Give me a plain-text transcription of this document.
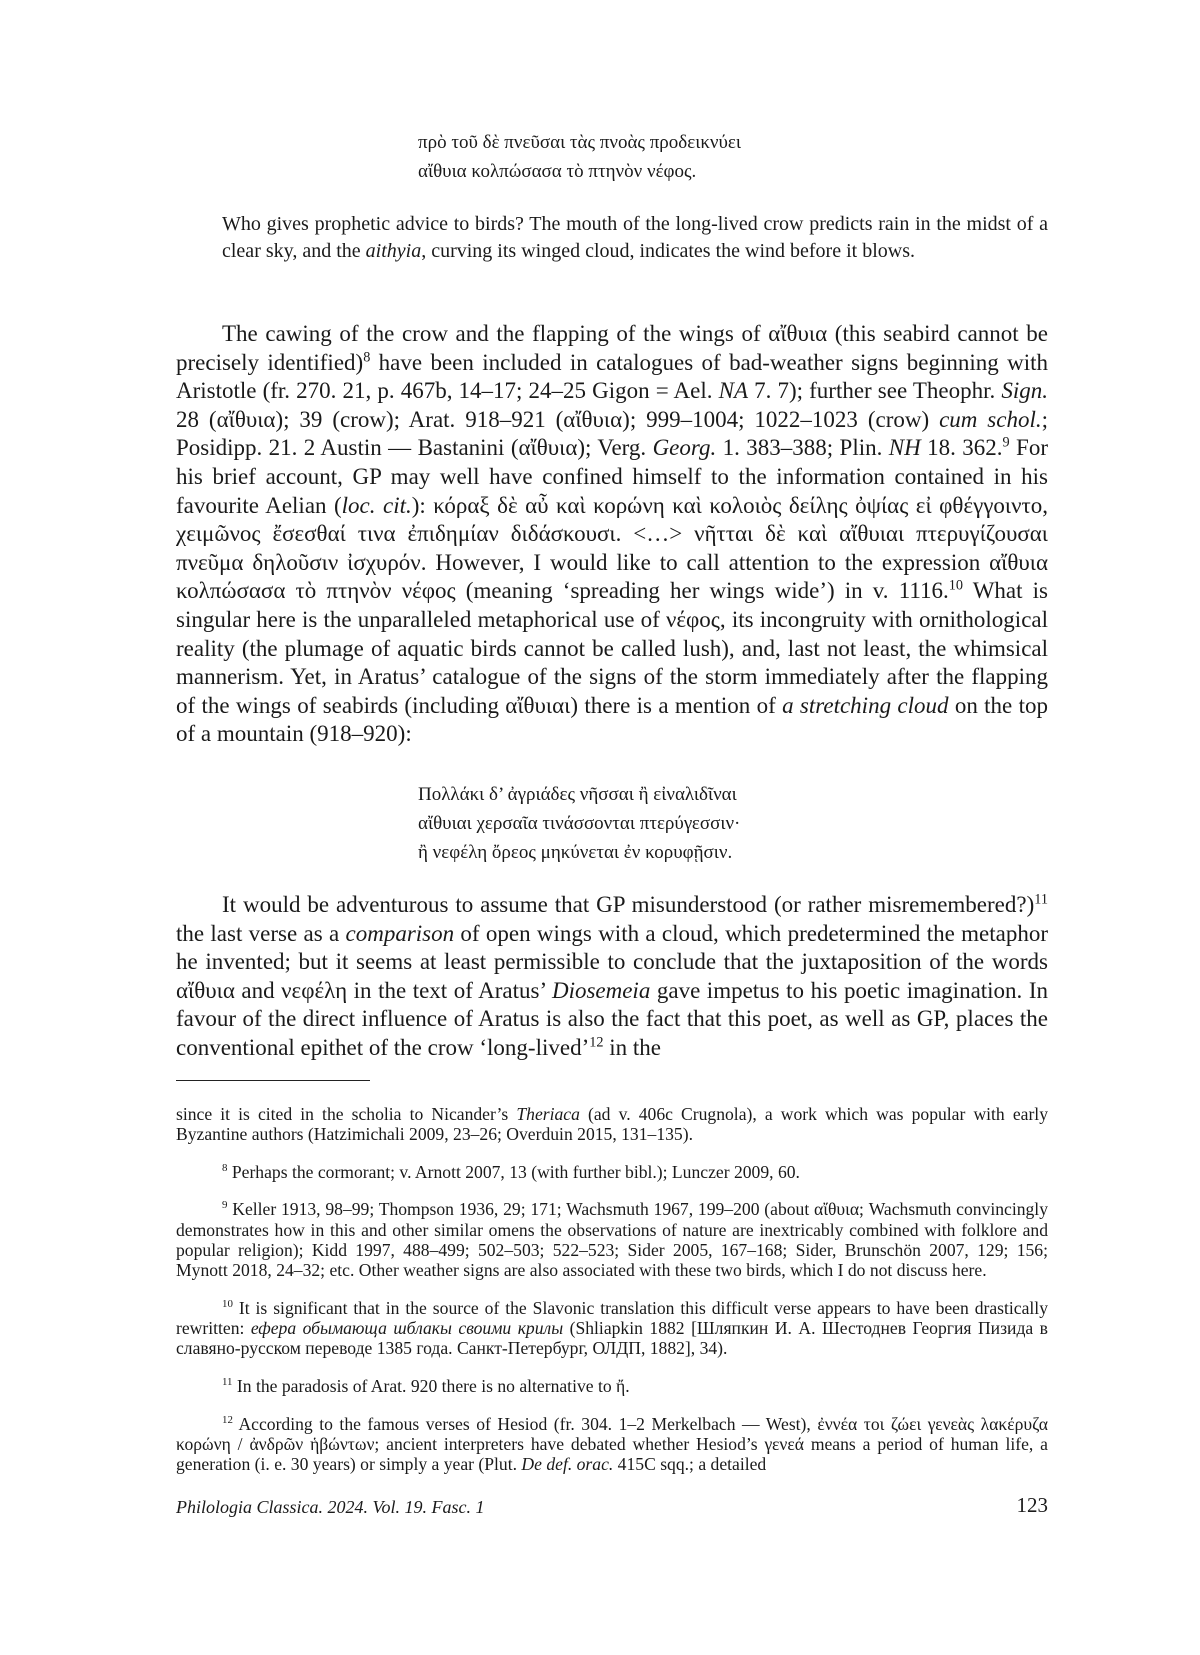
πρὸ τοῦ δὲ πνεῦσαι τὰς πνοὰς προδεικνύει
αἴθυια κολπώσασα τὸ πτηνὸν νέφος.

Who gives prophetic advice to birds? The mouth of the long-lived crow predicts rain in the midst of a clear sky, and the aithyia, curving its winged cloud, indicates the wind before it blows.

The cawing of the crow and the flapping of the wings of αἴθυια (this seabird cannot be precisely identified)$^8$ have been included in catalogues of bad-weather signs beginning with Aristotle (fr. 270. 21, p. 467b, 14–17; 24–25 Gigon = Ael. NA 7. 7); further see Theophr. Sign. 28 (αἴθυια); 39 (crow); Arat. 918–921 (αἴθυια); 999–1004; 1022–1023 (crow) cum schol.; Posidipp. 21. 2 Austin — Bastanini (αἴθυια); Verg. Georg. 1. 383–388; Plin. NH 18. 362.$^9$ For his brief account, GP may well have confined himself to the information contained in his favourite Aelian (loc. cit.): κόραξ δὲ αὖ καὶ κορώνη καὶ κολοιὸς δείλης ὀψίας εἰ φθέγγοιντο, χειμῶνος ἔσεσθαί τινα ἐπιδημίαν διδάσκουσι. <…> νῆτται δὲ καὶ αἴθυιαι πτερυγίζουσαι πνεῦμα δηλοῦσιν ἰσχυρόν. However, I would like to call attention to the expression αἴθυια κολπώσασα τὸ πτηνὸν νέφος (meaning ‘spreading her wings wide’) in v. 1116.10 What is singular here is the unparalleled metaphorical use of νέφος, its incongruity with ornithological reality (the plumage of aquatic birds cannot be called lush), and, last not least, the whimsical mannerism. Yet, in Aratus’ catalogue of the signs of the storm immediately after the flapping of the wings of seabirds (including αἴθυιαι) there is a mention of a stretching cloud on the top of a mountain (918–920):

Πολλάκι δ’ ἀγριάδες νῆσσαι ἢ εἰναλιδῖναι
αἴθυιαι χερσαῖα τινάσσονται πτερύγεσσιν·
ἢ νεφέλη ὄρεος μηκύνεται ἐν κορυφῇσιν.

It would be adventurous to assume that GP misunderstood (or rather misremembered?)$^{11}$ the last verse as a comparison of open wings with a cloud, which predetermined the metaphor he invented; but it seems at least permissible to conclude that the juxtaposition of the words αἴθυια and νεφέλη in the text of Aratus’ Diosemeia gave impetus to his poetic imagination. In favour of the direct influence of Aratus is also the fact that this poet, as well as GP, places the conventional epithet of the crow ‘long-lived’$^{12}$ in the

since it is cited in the scholia to Nicander’s Theriaca (ad v. 406c Crugnola), a work which was popular with early Byzantine authors (Hatzimichali 2009, 23–26; Overduin 2015, 131–135).

$^8$ Perhaps the cormorant; v. Arnott 2007, 13 (with further bibl.); Lunczer 2009, 60.

$^9$ Keller 1913, 98–99; Thompson 1936, 29; 171; Wachsmuth 1967, 199–200 (about αἴθυια; Wachsmuth convincingly demonstrates how in this and other similar omens the observations of nature are inextricably combined with folklore and popular religion); Kidd 1997, 488–499; 502–503; 522–523; Sider 2005, 167–168; Sider, Brunschön 2007, 129; 156; Mynott 2018, 24–32; etc. Other weather signs are also associated with these two birds, which I do not discuss here.

$^{10}$ It is significant that in the source of the Slavonic translation this difficult verse appears to have been drastically rewritten: ефера обымающа шблакы своими крилы (Shliapkin 1882 [Шляпкин И. А. Шестоднев Георгия Пизида в славяно-русском переводе 1385 года. Санкт-Петербург, ОЛДП, 1882], 34).

$^{11}$ In the paradosis of Arat. 920 there is no alternative to ἤ.

$^{12}$ According to the famous verses of Hesiod (fr. 304. 1–2 Merkelbach — West), ἐννέα τοι ζώει γενεὰς λακέρυζα κορώνη / ἀνδρῶν ἡβώντων; ancient interpreters have debated whether Hesiod’s γενεά means a period of human life, a generation (i. e. 30 years) or simply a year (Plut. De def. orac. 415C sqq.; a detailed

Philologia Classica. 2024. Vol. 19. Fasc. 1	123
